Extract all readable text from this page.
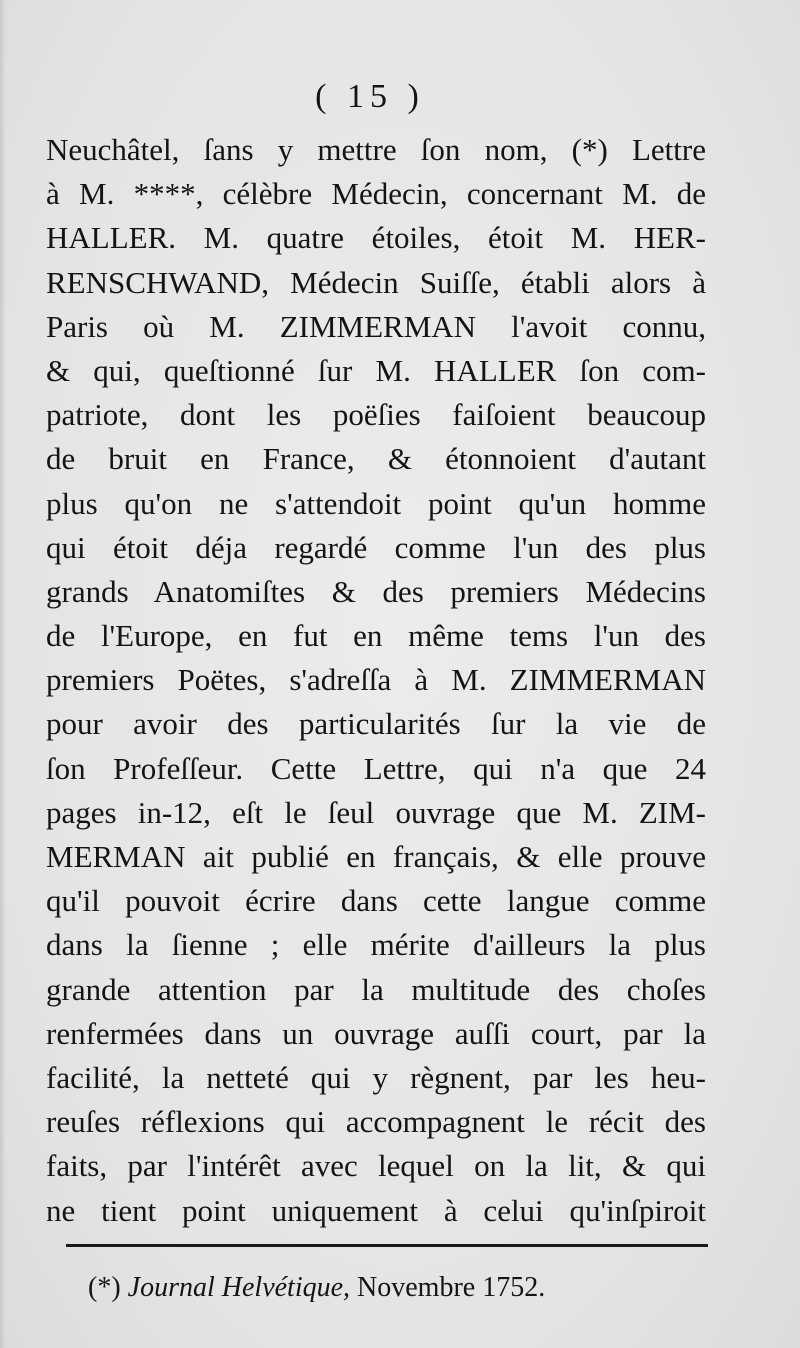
( 15 )
Neuchâtel, ſans y mettre ſon nom, (*) Lettre
à M. ****, célèbre Médecin, concernant M. de
HALLER. M. quatre étoiles, étoit M. HER-
RENSCHWAND, Médecin Suiſſe, établi alors à
Paris où M. ZIMMERMAN l'avoit connu,
& qui, queſtionné ſur M. HALLER ſon com-
patriote, dont les poëſies faiſoient beaucoup
de bruit en France, & étonnoient d'autant
plus qu'on ne s'attendoit point qu'un homme
qui étoit déja regardé comme l'un des plus
grands Anatomiſtes & des premiers Médecins
de l'Europe, en fut en même tems l'un des
premiers Poëtes, s'adreſſa à M. ZIMMERMAN
pour avoir des particularités ſur la vie de
ſon Profeſſeur. Cette Lettre, qui n'a que 24
pages in-12, eſt le ſeul ouvrage que M. ZIM-
MERMAN ait publié en français, & elle prouve
qu'il pouvoit écrire dans cette langue comme
dans la ſienne ; elle mérite d'ailleurs la plus
grande attention par la multitude des choſes
renfermées dans un ouvrage auſſi court, par la
facilité, la netteté qui y règnent, par les heu-
reuſes réflexions qui accompagnent le récit des
faits, par l'intérêt avec lequel on la lit, & qui
ne tient point uniquement à celui qu'inſpiroit
(*) Journal Helvétique, Novembre 1752.
